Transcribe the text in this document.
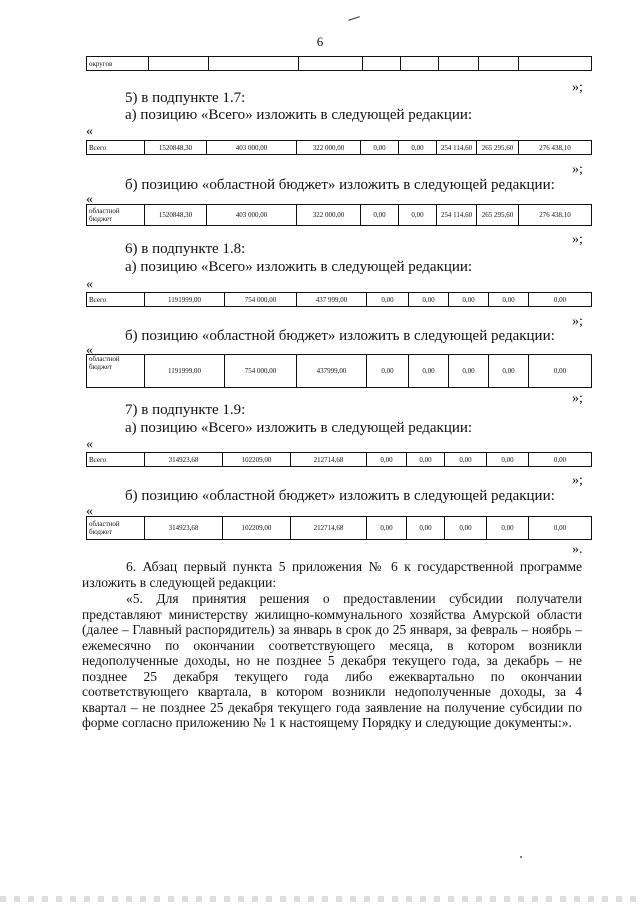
6
округов								
»;
5) в подпункте 1.7:
а) позицию «Всего» изложить в следующей редакции:
«
Всего	1520848,30	403 000,00	322 000,00	0,00	0,00	254 114,60	265 295,60	276 438,10
»;
б) позицию «областной бюджет» изложить в следующей редакции:
«
областной бюджет	1520848,30	403 000,00	322 000,00	0,00	0,00	254 114,60	265 295,60	276 438,10
»;
6) в подпункте 1.8:
а) позицию «Всего» изложить в следующей редакции:
«
Всего	1191999,00	754 000,00	437 999,00	0,00	0,00	0,00	0,00	0,00
»;
б) позицию «областной бюджет» изложить в следующей редакции:
«
областной бюджет	1191999,00	754 000,00	437999,00	0,00	0,00	0,00	0,00	0,00
»;
7) в подпункте 1.9:
а) позицию «Всего» изложить в следующей редакции:
«
Всего	314923,68	102209,00	212714,68	0,00	0,00	0,00	0,00	0,00
»;
б) позицию «областной бюджет» изложить в следующей редакции:
«
областной бюджет	314923,68	102209,00	212714,68	0,00	0,00	0,00	0,00	0,00
».
6. Абзац первый пункта 5 приложения № 6 к государственной программе изложить в следующей редакции:
«5. Для принятия решения о предоставлении субсидии получатели представляют министерству жилищно-коммунального хозяйства Амурской области (далее – Главный распорядитель) за январь в срок до 25 января, за февраль – ноябрь – ежемесячно по окончании соответствующего месяца, в котором возникли недополученные доходы, но не позднее 5 декабря текущего года, за декабрь – не позднее 25 декабря текущего года либо ежеквартально по окончании соответствующего квартала, в котором возникли недополученные доходы, за 4 квартал – не позднее 25 декабря текущего года заявление на получение субсидии по форме согласно приложению № 1 к настоящему Порядку и следующие документы:».
